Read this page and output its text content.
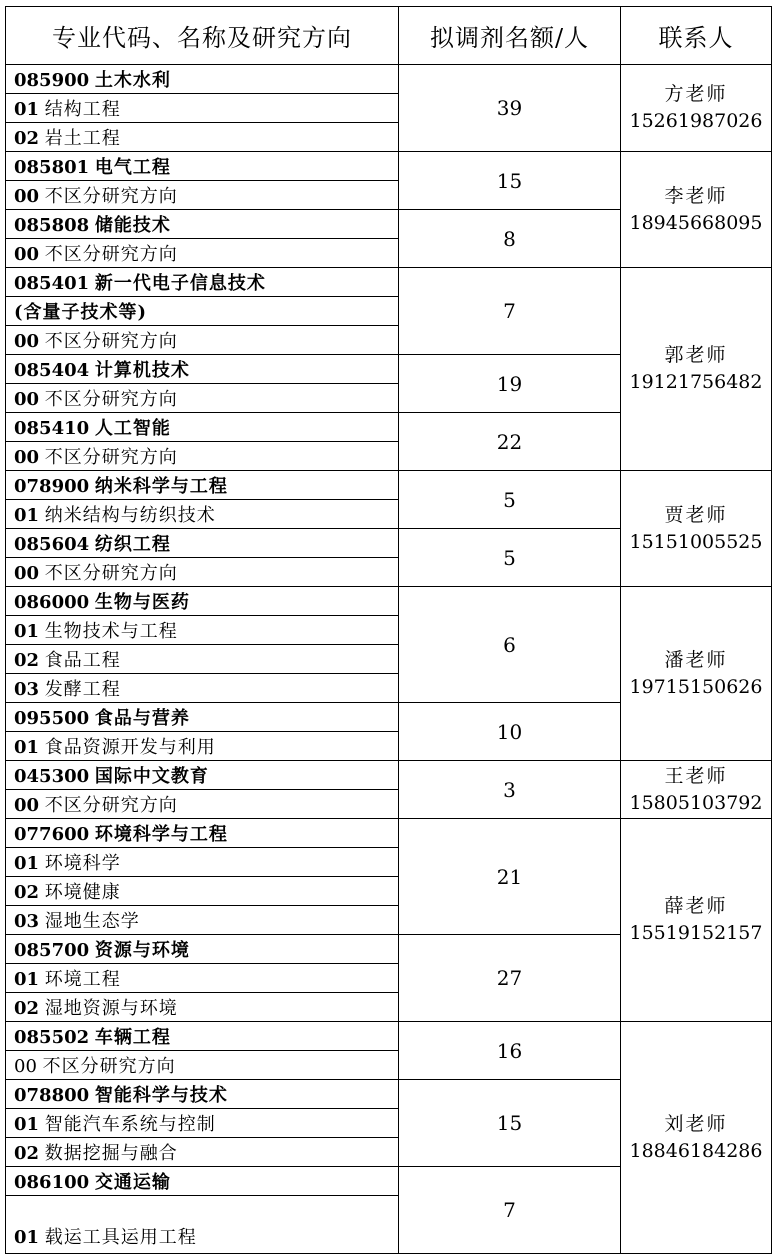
专业代码、名称及研究方向	拟调剂名额/人	联系人
085900 土木水利	39	方老师
15261987026

01 结构工程		
02 岩土工程		
085801 电气工程	15	李老师
18945668095

00 不区分研究方向		
085808 储能技术	8	
00 不区分研究方向		
085401 新一代电子信息技术	7	郭老师
19121756482

(含量子技术等)		
00 不区分研究方向		
085404 计算机技术	19	
00 不区分研究方向		
085410 人工智能	22	
00 不区分研究方向		
078900 纳米科学与工程	5	贾老师
15151005525

01 纳米结构与纺织技术		
085604 纺织工程	5	
00 不区分研究方向		
086000 生物与医药	6	潘老师
19715150626

01 生物技术与工程		
02 食品工程		
03 发酵工程		
095500 食品与营养	10	
01 食品资源开发与利用		
045300 国际中文教育	3	王老师
15805103792

00 不区分研究方向		
077600 环境科学与工程	21	薛老师
15519152157

01 环境科学		
02 环境健康		
03 湿地生态学		
085700 资源与环境	27	
01 环境工程		
02 湿地资源与环境		
085502 车辆工程	16	刘老师
18846184286

00 不区分研究方向		
078800 智能科学与技术	15	
01 智能汽车系统与控制		
02 数据挖掘与融合		
086100 交通运输	7	
01 载运工具运用工程		
